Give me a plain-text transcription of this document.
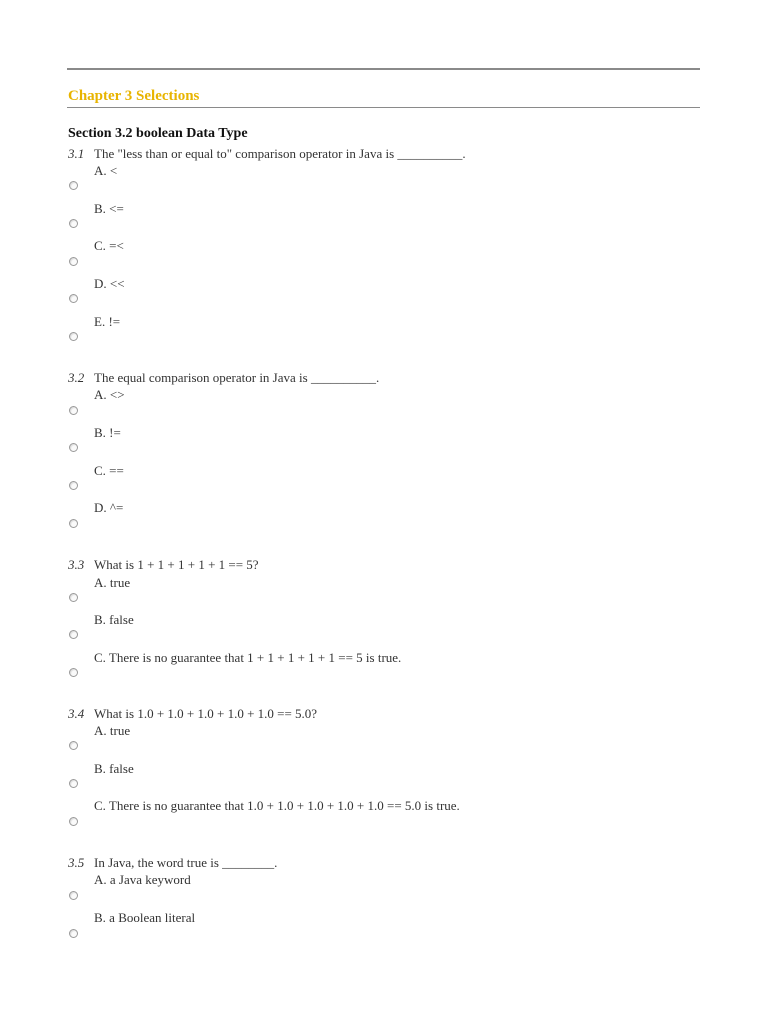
Chapter 3 Selections
Section 3.2 boolean Data Type
3.1 The "less than or equal to" comparison operator in Java is __________.
A. <
B. <=
C. =<
D. <<
E. !=
3.2 The equal comparison operator in Java is __________.
A. <>
B. !=
C. ==
D. ^=
3.3 What is 1 + 1 + 1 + 1 + 1 == 5?
A. true
B. false
C. There is no guarantee that 1 + 1 + 1 + 1 + 1 == 5 is true.
3.4 What is 1.0 + 1.0 + 1.0 + 1.0 + 1.0 == 5.0?
A. true
B. false
C. There is no guarantee that 1.0 + 1.0 + 1.0 + 1.0 + 1.0 == 5.0 is true.
3.5 In Java, the word true is ________.
A. a Java keyword
B. a Boolean literal
